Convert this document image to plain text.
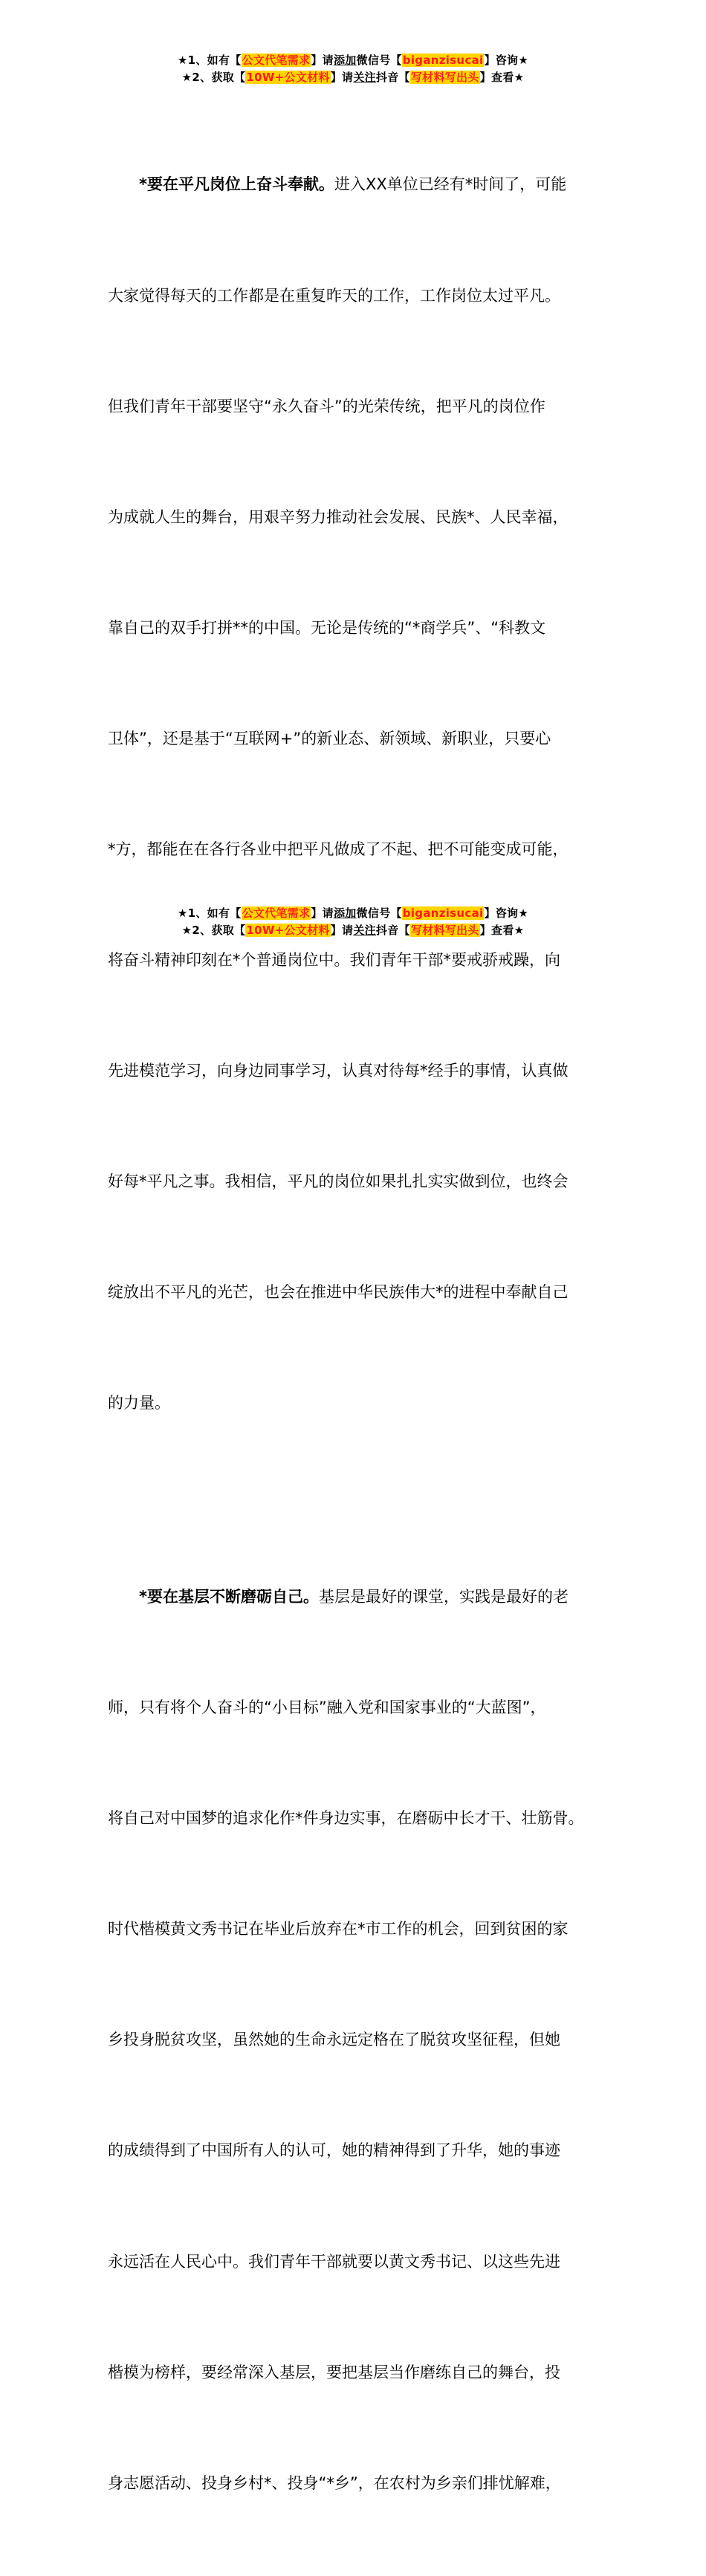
★1、如有【公文代笔需求】请添加微信号【biganzisucai】咨询★
★2、获取【10W+公文材料】请关注抖音【写材料写出头】查看★

*要在平凡岗位上奋斗奉献。进入XX单位已经有*时间了，可能

大家觉得每天的工作都是在重复昨天的工作，工作岗位太过平凡。

但我们青年干部要坚守“永久奋斗”的光荣传统，把平凡的岗位作

为成就人生的舞台，用艰辛努力推动社会发展、民族*、人民幸福，

靠自己的双手打拼**的中国。无论是传统的“*商学兵”、“科教文

卫体”，还是基于“互联网+”的新业态、新领域、新职业，只要心

*方，都能在在各行各业中把平凡做成了不起、把不可能变成可能，

将奋斗精神印刻在*个普通岗位中。我们青年干部*要戒骄戒躁，向

先进模范学习，向身边同事学习，认真对待每*经手的事情，认真做

好每*平凡之事。我相信，平凡的岗位如果扎扎实实做到位，也终会

绽放出不平凡的光芒，也会在推进中华民族伟大*的进程中奉献自己

的力量。

*要在基层不断磨砺自己。基层是最好的课堂，实践是最好的老

师，只有将个人奋斗的“小目标”融入党和国家事业的“大蓝图”，

将自己对中国梦的追求化作*件身边实事，在磨砺中长才干、壮筋骨。

时代楷模黄文秀书记在毕业后放弃在*市工作的机会，回到贫困的家

乡投身脱贫攻坚，虽然她的生命永远定格在了脱贫攻坚征程，但她

的成绩得到了中国所有人的认可，她的精神得到了升华，她的事迹

永远活在人民心中。我们青年干部就要以黄文秀书记、以这些先进

楷模为榜样，要经常深入基层，要把基层当作磨练自己的舞台，投

身志愿活动、投身乡村*、投身“*乡”，在农村为乡亲们排忧解难，

★1、如有【公文代笔需求】请添加微信号【biganzisucai】咨询★
★2、获取【10W+公文材料】请关注抖音【写材料写出头】查看★
